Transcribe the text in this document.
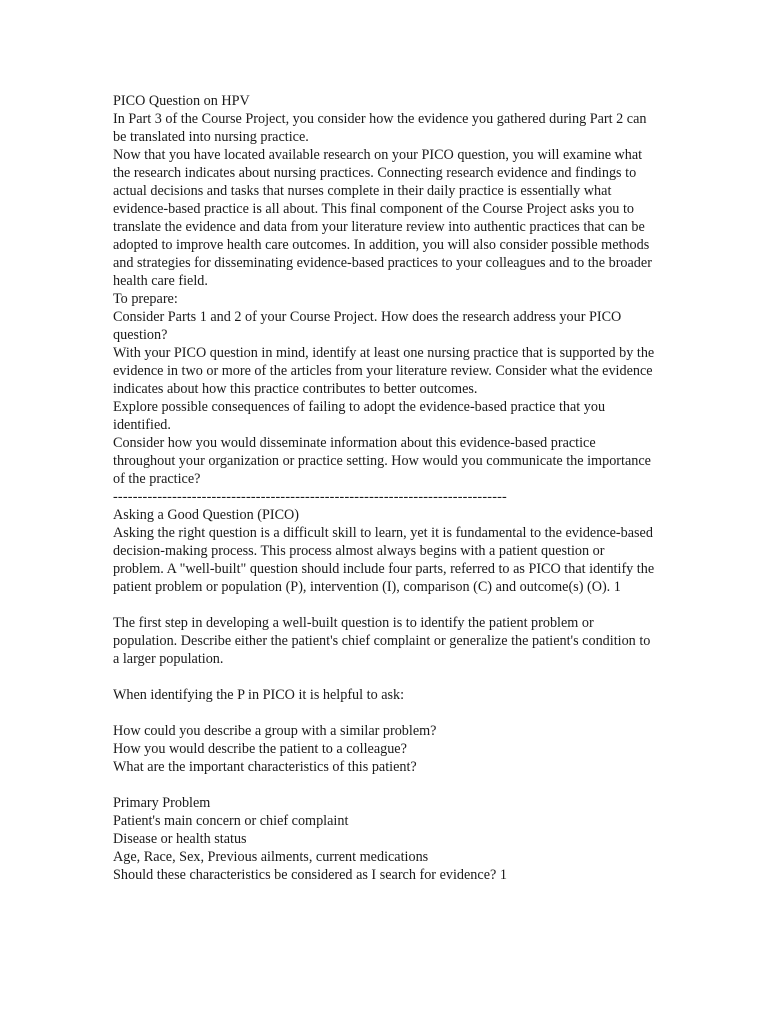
PICO Question on HPV

In Part 3 of the Course Project, you consider how the evidence you gathered during Part 2 can be translated into nursing practice.

Now that you have located available research on your PICO question, you will examine what the research indicates about nursing practices. Connecting research evidence and findings to actual decisions and tasks that nurses complete in their daily practice is essentially what evidence-based practice is all about. This final component of the Course Project asks you to translate the evidence and data from your literature review into authentic practices that can be adopted to improve health care outcomes. In addition, you will also consider possible methods and strategies for disseminating evidence-based practices to your colleagues and to the broader health care field.

To prepare:

Consider Parts 1 and 2 of your Course Project. How does the research address your PICO question?

With your PICO question in mind, identify at least one nursing practice that is supported by the evidence in two or more of the articles from your literature review. Consider what the evidence indicates about how this practice contributes to better outcomes.

Explore possible consequences of failing to adopt the evidence-based practice that you identified.

Consider how you would disseminate information about this evidence-based practice throughout your organization or practice setting. How would you communicate the importance of the practice?

--------------------------------------------------------------------------------

Asking a Good Question (PICO)

Asking the right question is a difficult skill to learn, yet it is fundamental to the evidence-based decision-making process. This process almost always begins with a patient question or problem. A "well-built" question should include four parts, referred to as PICO that identify the patient problem or population (P), intervention (I), comparison (C) and outcome(s) (O). 1

The first step in developing a well-built question is to identify the patient problem or population. Describe either the patient's chief complaint or generalize the patient's condition to a larger population.

When identifying the P in PICO it is helpful to ask:

How could you describe a group with a similar problem?

How you would describe the patient to a colleague?

What are the important characteristics of this patient?

Primary Problem

Patient's main concern or chief complaint

Disease or health status

Age, Race, Sex, Previous ailments, current medications

Should these characteristics be considered as I search for evidence? 1
